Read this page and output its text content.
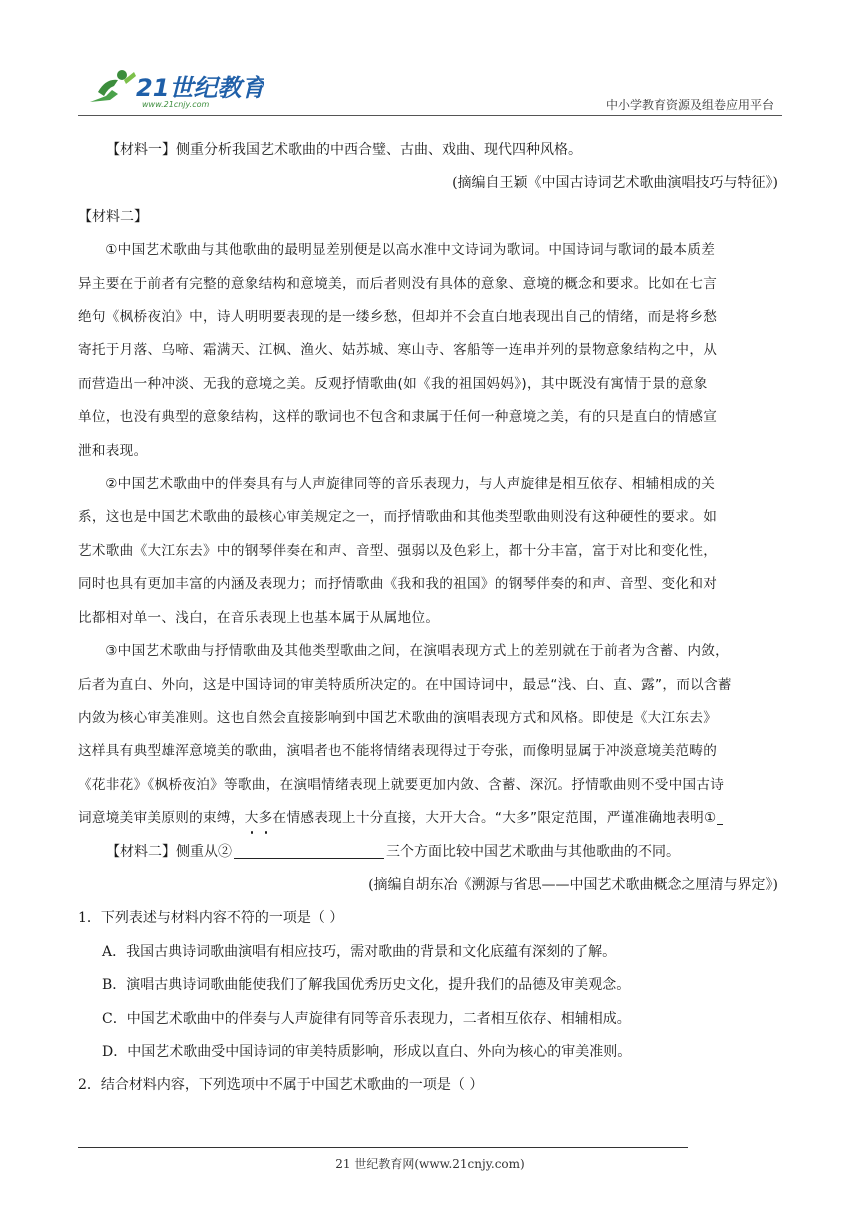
21世纪教育
www.21cnjy.com	中小学教育资源及组卷应用平台

【材料一】侧重分析我国艺术歌曲的中西合璧、古曲、戏曲、现代四种风格。

(摘编自王颖《中国古诗词艺术歌曲演唱技巧与特征》)

【材料二】

①中国艺术歌曲与其他歌曲的最明显差别便是以高水准中文诗词为歌词。中国诗词与歌词的最本质差

异主要在于前者有完整的意象结构和意境美，而后者则没有具体的意象、意境的概念和要求。比如在七言

绝句《枫桥夜泊》中，诗人明明要表现的是一缕乡愁，但却并不会直白地表现出自己的情绪，而是将乡愁

寄托于月落、乌啼、霜满天、江枫、渔火、姑苏城、寒山寺、客船等一连串并列的景物意象结构之中，从

而营造出一种冲淡、无我的意境之美。反观抒情歌曲(如《我的祖国妈妈》)，其中既没有寓情于景的意象

单位，也没有典型的意象结构，这样的歌词也不包含和隶属于任何一种意境之美，有的只是直白的情感宣

泄和表现。

②中国艺术歌曲中的伴奏具有与人声旋律同等的音乐表现力，与人声旋律是相互依存、相辅相成的关

系，这也是中国艺术歌曲的最核心审美规定之一，而抒情歌曲和其他类型歌曲则没有这种硬性的要求。如

艺术歌曲《大江东去》中的钢琴伴奏在和声、音型、强弱以及色彩上，都十分丰富，富于对比和变化性，

同时也具有更加丰富的内涵及表现力；而抒情歌曲《我和我的祖国》的钢琴伴奏的和声、音型、变化和对

比都相对单一、浅白，在音乐表现上也基本属于从属地位。

③中国艺术歌曲与抒情歌曲及其他类型歌曲之间，在演唱表现方式上的差别就在于前者为含蓄、内敛，

后者为直白、外向，这是中国诗词的审美特质所决定的。在中国诗词中，最忌“浅、白、直、露”，而以含蓄

内敛为核心审美准则。这也自然会直接影响到中国艺术歌曲的演唱表现方式和风格。即使是《大江东去》

这样具有典型雄浑意境美的歌曲，演唱者也不能将情绪表现得过于夸张，而像明显属于冲淡意境美范畴的

《花非花》《枫桥夜泊》等歌曲，在演唱情绪表现上就要更加内敛、含蓄、深沉。抒情歌曲则不受中国古诗

词意境美审美原则的束缚，大多在情感表现上十分直接，大开大合。“大多”限定范围，严谨准确地表明①

【材料二】侧重从②	三个方面比较中国艺术歌曲与其他歌曲的不同。

(摘编自胡东冶《溯源与省思——中国艺术歌曲概念之厘清与界定》)

1．下列表述与材料内容不符的一项是（ ）

A．我国古典诗词歌曲演唱有相应技巧，需对歌曲的背景和文化底蕴有深刻的了解。

B．演唱古典诗词歌曲能使我们了解我国优秀历史文化，提升我们的品德及审美观念。

C．中国艺术歌曲中的伴奏与人声旋律有同等音乐表现力，二者相互依存、相辅相成。

D．中国艺术歌曲受中国诗词的审美特质影响，形成以直白、外向为核心的审美准则。

2．结合材料内容，下列选项中不属于中国艺术歌曲的一项是（ ）

21 世纪教育网(www.21cnjy.com)
